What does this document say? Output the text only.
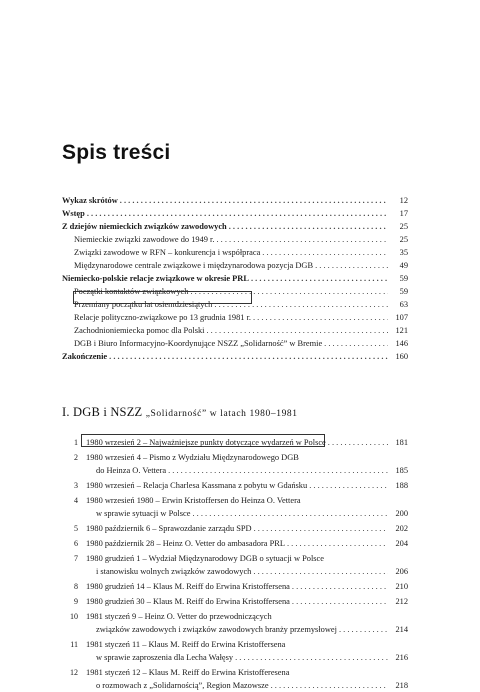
Spis treści
Wykaz skrótów . . .	12
Wstęp . . .	17
Z dziejów niemieckich związków zawodowych . . .	25
Niemieckie związki zawodowe do 1949 r. . . .	25
Związki zawodowe w RFN – konkurencja i współpraca . . .	35
Międzynarodowe centrale związkowe i międzynarodowa pozycja DGB . . .	49
Niemiecko-polskie relacje związkowe w okresie PRL . . .	59
Początki kontaktów związkowych . . .	59
Przemiany początku lat osiemdziesiątych . . .	63
Relacje polityczno-związkowe po 13 grudnia 1981 r. . . .	107
Zachodnioniemiecka pomoc dla Polski . . .	121
DGB i Biuro Informacyjno-Koordynujące NSZZ „Solidarność” w Bremie . . .	146
Zakończenie . . .	160
I. DGB i NSZZ „Solidarność” w latach 1980–1981
1 1980 wrzesień 2 – Najważniejsze punkty dotyczące wydarzeń w Polsce . . .	181
2 1980 wrzesień 4 – Pismo z Wydziału Międzynarodowego DGB
do Heinza O. Vettera . . .	185
3 1980 wrzesień – Relacja Charlesa Kassmana z pobytu w Gdańsku . . .	188
4 1980 wrzesień 1980 – Erwin Kristoffersen do Heinza O. Vettera
w sprawie sytuacji w Polsce . . .	200
5 1980 październik 6 – Sprawozdanie zarządu SPD . . .	202
6 1980 październik 28 – Heinz O. Vetter do ambasadora PRL . . .	204
7 1980 grudzień 1 – Wydział Międzynarodowy DGB o sytuacji w Polsce
i stanowisku wolnych związków zawodowych . . .	206
8 1980 grudzień 14 – Klaus M. Reiff do Erwina Kristoffersena . . .	210
9 1980 grudzień 30 – Klaus M. Reiff do Erwina Kristoffersena . . .	212
10 1981 styczeń 9 – Heinz O. Vetter do przewodniczących
związków zawodowych i związków zawodowych branży przemysłowej . . .	214
11 1981 styczeń 11 – Klaus M. Reiff do Erwina Kristoffersena
w sprawie zaproszenia dla Lecha Wałęsy . . .	216
12 1981 styczeń 12 – Klaus M. Reiff do Erwina Kristofferesena
o rozmowach z „Solidarnością”, Region Mazowsze . . .	218
